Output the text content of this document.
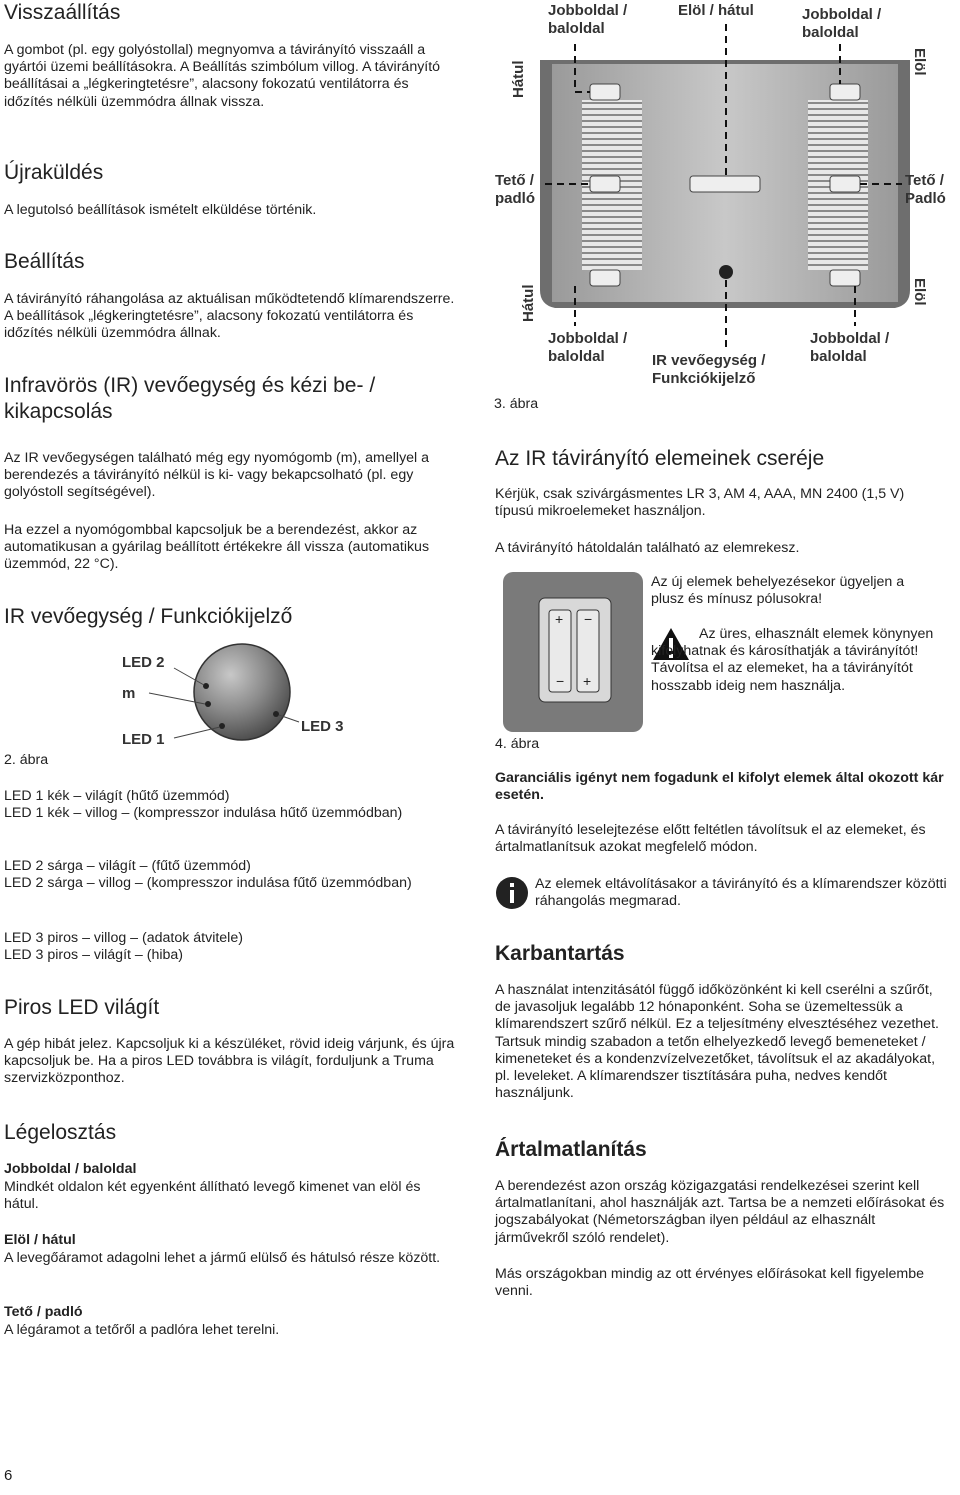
Visszaállítás

A gombot (pl. egy golyóstollal) megnyomva a távirányító visszaáll a gyártói üzemi beállításokra. A Beállítás szimbólum villog. A távirányító beállításai a „légkeringtetésre”, alacsony fokozatú ventilátorra és időzítés nélküli üzemmódra állnak vissza.

Újraküldés

A legutolsó beállítások ismételt elküldése történik.

Beállítás

A távirányító ráhangolása az aktuálisan működtetendő klímarendszerre. A beállítások „légkeringtetésre”, alacsony fokozatú ventilátorra és időzítés nélküli üzemmódra állnak.

Infravörös (IR) vevőegység és kézi be- / kikapcsolás

Az IR vevőegységen található még egy nyomógomb (m), amellyel a berendezés a távirányító nélkül is ki- vagy bekapcsolható (pl. egy golyóstoll segítségével).

Ha ezzel a nyomógombbal kapcsoljuk be a berendezést, akkor az automatikusan a gyárilag beállított értékekre áll vissza (automatikus üzemmód, 22 °C).

IR vevőegység / Funkciókijelző
LED 2
m
LED 1
LED 3
2. ábra

LED 1 kék – világít (hűtő üzemmód)
LED 1 kék – villog – (kompresszor indulása hűtő üzemmódban)

LED 2 sárga – világít – (fűtő üzemmód)
LED 2 sárga – villog – (kompresszor indulása fűtő üzemmódban)

LED 3 piros – villog – (adatok átvitele)
LED 3 piros – világít – (hiba)

Piros LED világít

A gép hibát jelez. Kapcsoljuk ki a készüléket, rövid ideig várjunk, és újra kapcsoljuk be. Ha a piros LED továbbra is világít, forduljunk a Truma szervizközponthoz.

Légelosztás

Jobboldal / baloldal

Mindkét oldalon két egyenként állítható levegő kimenet van elöl és hátul.

Elöl / hátul

A levegőáramot adagolni lehet a jármű elülső és hátulsó része között.

Tető / padló

A légáramot a tetőről a padlóra lehet terelni.

Jobboldal / baloldal
Elöl / hátul	Jobboldal / baloldal
Hátul	Elöl
Tető / padló
Tető / Padló
Hátul	Elöl
Jobboldal / baloldal	IR vevőegység / Funkciókijelző
Jobboldal / baloldal
3. ábra
Az IR távirányító elemeinek cseréje

Kérjük, csak szivárgásmentes LR 3, AM 4, AAA, MN 2400 (1,5 V) típusú mikroelemeket használjon.

A távirányító hátoldalán található az elemrekesz.

+
+
−
−
4. ábra

Az új elemek behelyezésekor ügyeljen a plusz és mínusz pólusokra!

Az üres, elhasznált elemek könynyen kifolyhatnak és károsíthatják a távirányítót! Távolítsa el az elemeket, ha a távirányítót hosszabb ideig nem használja.

Garanciális igényt nem fogadunk el kifolyt elemek által okozott kár esetén.

A távirányító leselejtezése előtt feltétlen távolítsuk el az elemeket, és ártalmatlanítsuk azokat megfelelő módon.

Az elemek eltávolításakor a távirányító és a klímarendszer közötti ráhangolás megmarad.

Karbantartás

A használat intenzitásától függő időközönként ki kell cserélni a szűrőt, de javasoljuk legalább 12 hónaponként. Soha se üzemeltessük a klímarendszert szűrő nélkül. Ez a teljesítmény elvesztéséhez vezethet. Tartsuk mindig szabadon a tetőn elhelyezkedő levegő bemeneteket / kimeneteket és a kondenzvízelvezetőket, távolítsuk el az akadályokat, pl. leveleket. A klímarendszer tisztítására puha, nedves kendőt használjunk.

Ártalmatlanítás

A berendezést azon ország közigazgatási rendelkezései szerint kell ártalmatlanítani, ahol használják azt. Tartsa be a nemzeti előírásokat és jogszabályokat (Németországban ilyen például az elhasznált járművekről szóló rendelet).

Más országokban mindig az ott érvényes előírásokat kell figyelembe venni.

6
